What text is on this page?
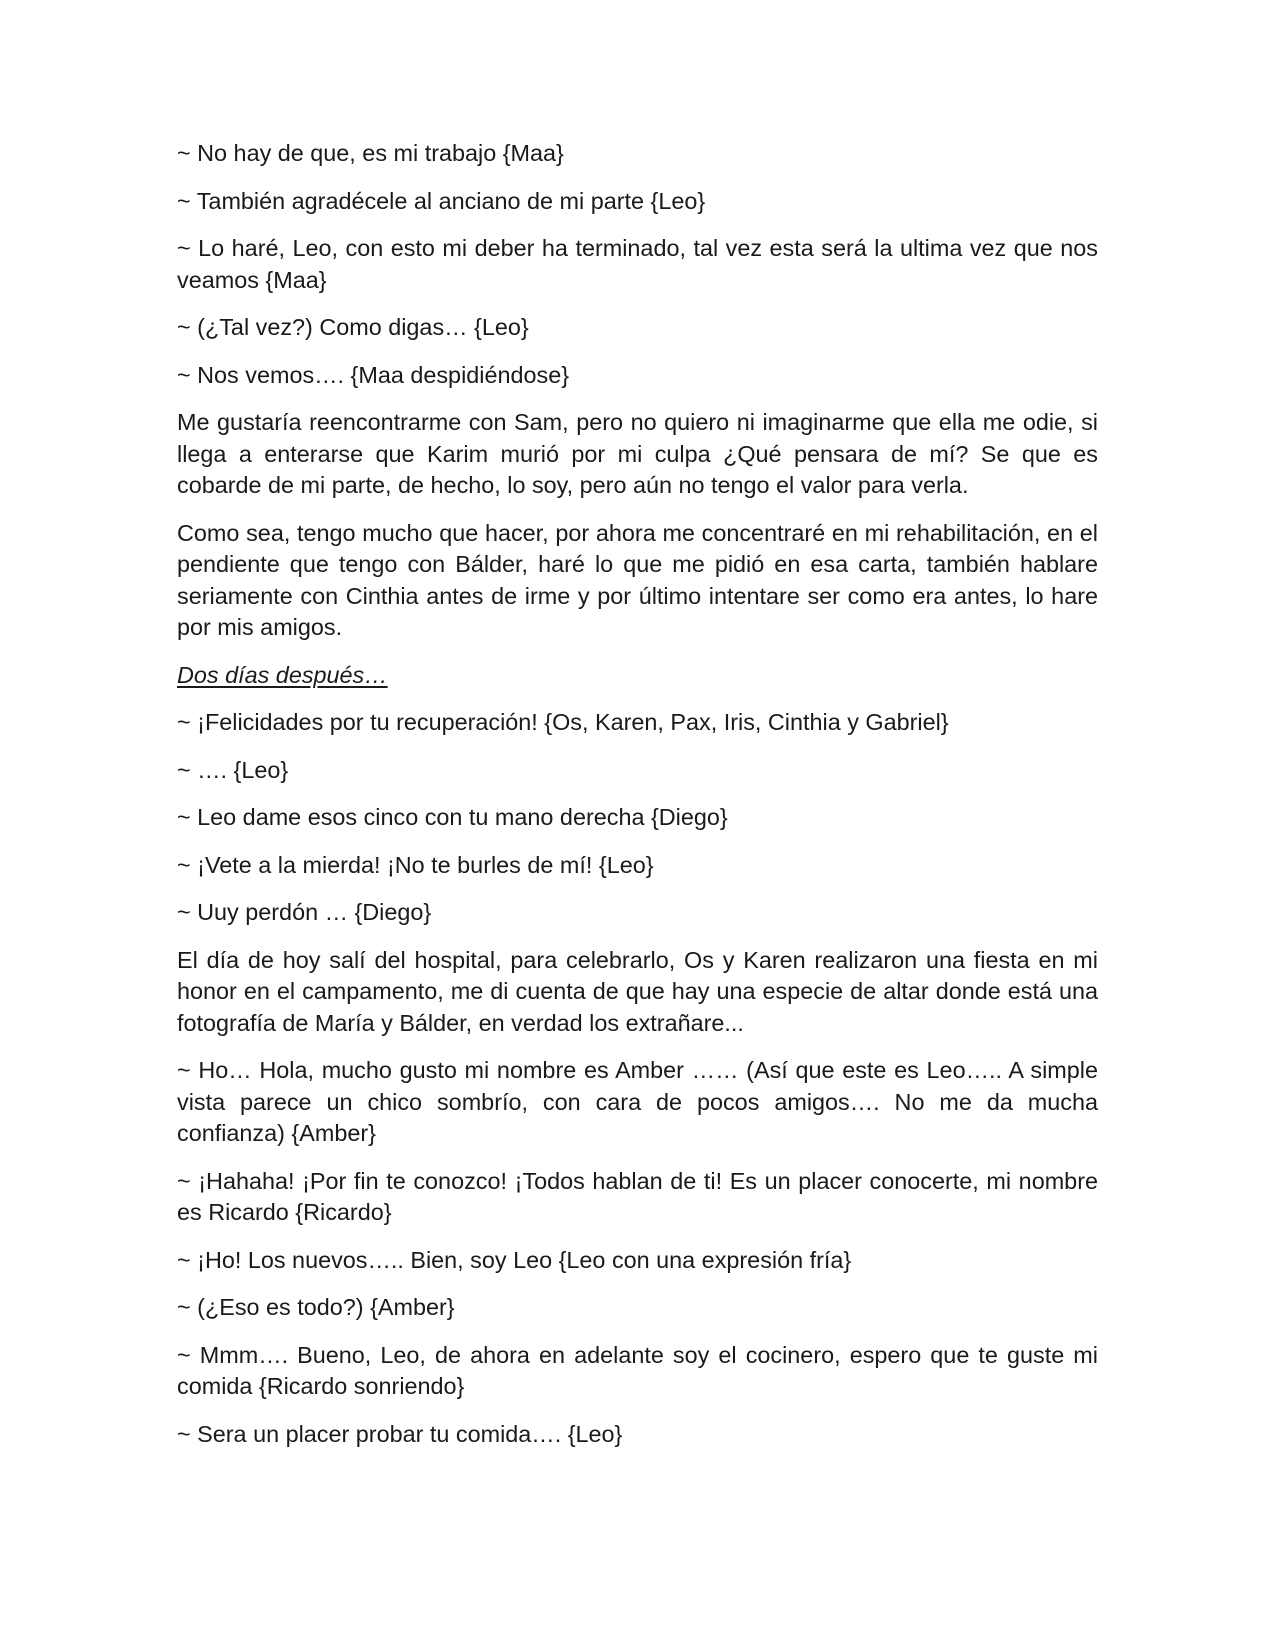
~ No hay de que, es mi trabajo {Maa}

~ También agradécele al anciano de mi parte {Leo}

~ Lo haré, Leo, con esto mi deber ha terminado, tal vez esta será la ultima vez que nos veamos {Maa}

~ (¿Tal vez?) Como digas… {Leo}

~ Nos vemos…. {Maa despidiéndose}

Me gustaría reencontrarme con Sam, pero no quiero ni imaginarme que ella me odie, si llega a enterarse que Karim murió por mi culpa ¿Qué pensara de mí? Se que es cobarde de mi parte, de hecho, lo soy, pero aún no tengo el valor para verla.

Como sea, tengo mucho que hacer, por ahora me concentraré en mi rehabilitación, en el pendiente que tengo con Bálder, haré lo que me pidió en esa carta, también hablare seriamente con Cinthia antes de irme y por último intentare ser como era antes, lo hare por mis amigos.

Dos días después…

~ ¡Felicidades por tu recuperación! {Os, Karen, Pax, Iris, Cinthia y Gabriel}

~ …. {Leo}

~ Leo dame esos cinco con tu mano derecha {Diego}

~ ¡Vete a la mierda! ¡No te burles de mí! {Leo}

~ Uuy perdón … {Diego}

El día de hoy salí del hospital, para celebrarlo, Os y Karen realizaron una fiesta en mi honor en el campamento, me di cuenta de que hay una especie de altar donde está una fotografía de María y Bálder, en verdad los extrañare...

~ Ho… Hola, mucho gusto mi nombre es Amber …… (Así que este es Leo….. A simple vista parece un chico sombrío, con cara de pocos amigos…. No me da mucha confianza) {Amber}

~ ¡Hahaha! ¡Por fin te conozco! ¡Todos hablan de ti! Es un placer conocerte, mi nombre es Ricardo {Ricardo}

~ ¡Ho! Los nuevos….. Bien, soy Leo {Leo con una expresión fría}

~ (¿Eso es todo?) {Amber}

~ Mmm…. Bueno, Leo, de ahora en adelante soy el cocinero, espero que te guste mi comida {Ricardo sonriendo}

~ Sera un placer probar tu comida…. {Leo}
